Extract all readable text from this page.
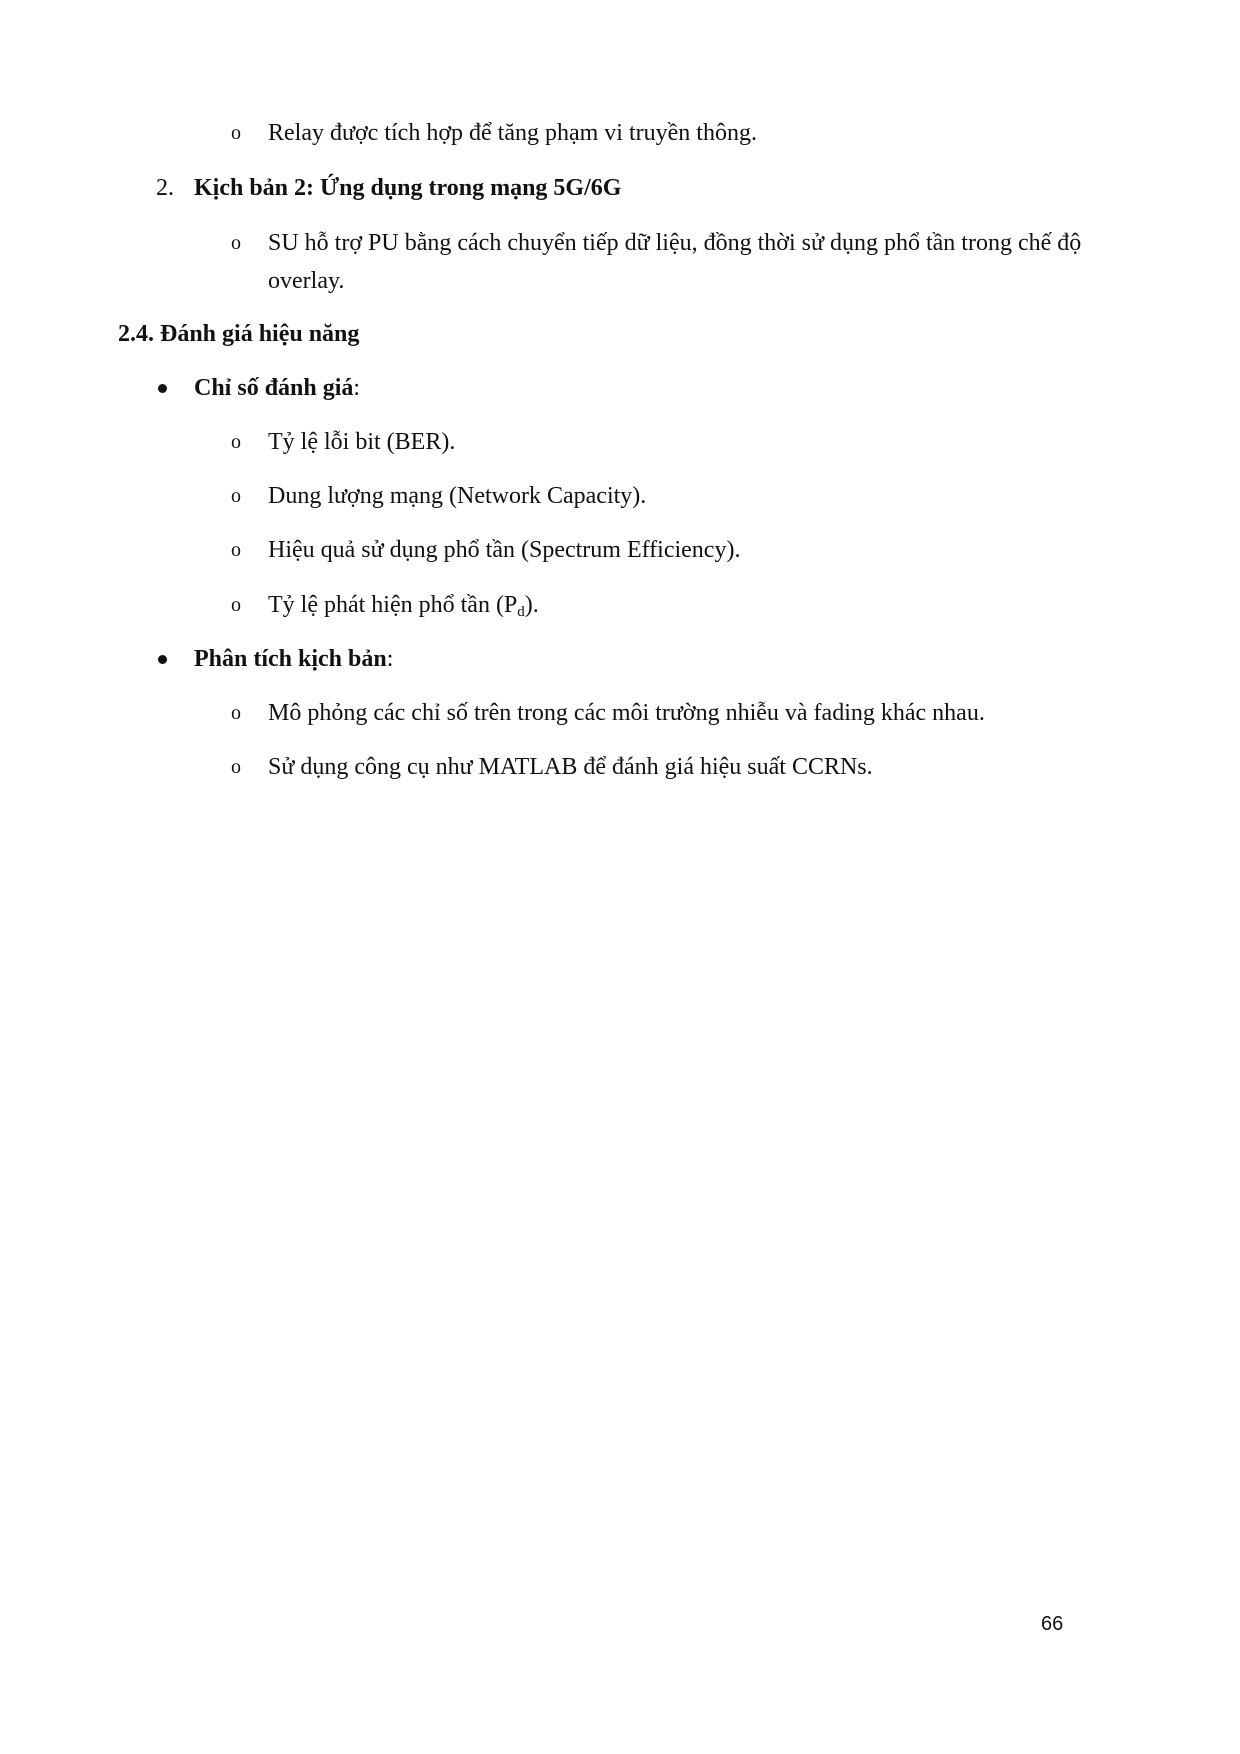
o Relay được tích hợp để tăng phạm vi truyền thông.
2. Kịch bản 2: Ứng dụng trong mạng 5G/6G
o SU hỗ trợ PU bằng cách chuyển tiếp dữ liệu, đồng thời sử dụng phổ tần trong chế độ overlay.
2.4. Đánh giá hiệu năng
Chỉ số đánh giá:
o Tỷ lệ lỗi bit (BER).
o Dung lượng mạng (Network Capacity).
o Hiệu quả sử dụng phổ tần (Spectrum Efficiency).
o Tỷ lệ phát hiện phổ tần $(P_d)$.
Phân tích kịch bản:
o Mô phỏng các chỉ số trên trong các môi trường nhiễu và fading khác nhau.
o Sử dụng công cụ như MATLAB để đánh giá hiệu suất CCRNs.
66
